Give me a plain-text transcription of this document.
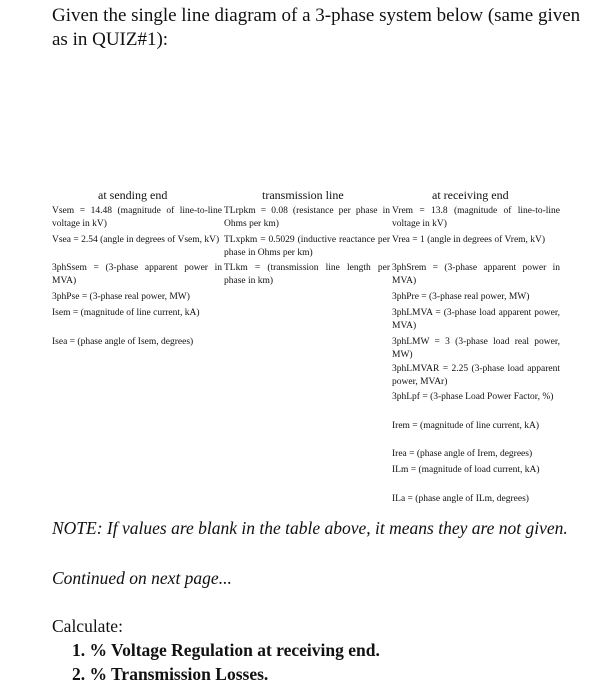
Given the single line diagram of a 3-phase system below (same given as in QUIZ#1):

at sending end	transmission line	at receiving end

Vsem = 14.48 (magnitude of line-to-line voltage in kV)

Vsea = 2.54 (angle in degrees of Vsem, kV)

3phSsem = (3-phase apparent power in MVA)

3phPse = (3-phase real power, MW)

Isem = (magnitude of line current, kA)

Isea = (phase angle of Isem, degrees)

TLrpkm = 0.08 (resistance per phase in Ohms per km)

TLxpkm = 0.5029 (inductive reactance per phase in Ohms per km)

TLkm = (transmission line length per phase in km)

Vrem = 13.8 (magnitude of line-to-line voltage in kV)

Vrea = 1 (angle in degrees of Vrem, kV)

3phSrem = (3-phase apparent power in MVA)

3phPre = (3-phase real power, MW)

3phLMVA = (3-phase load apparent power, MVA)

3phLMW = 3 (3-phase load real power, MW)

3phLMVAR = 2.25 (3-phase load apparent power, MVAr)

3phLpf = (3-phase Load Power Factor, %)

Irem = (magnitude of line current, kA)

Irea = (phase angle of Irem, degrees)

ILm = (magnitude of load current, kA)

ILa = (phase angle of ILm, degrees)

NOTE: If values are blank in the table above, it means they are not given.

Continued on next page...

Calculate:

1. % Voltage Regulation at receiving end.
2. % Transmission Losses.
